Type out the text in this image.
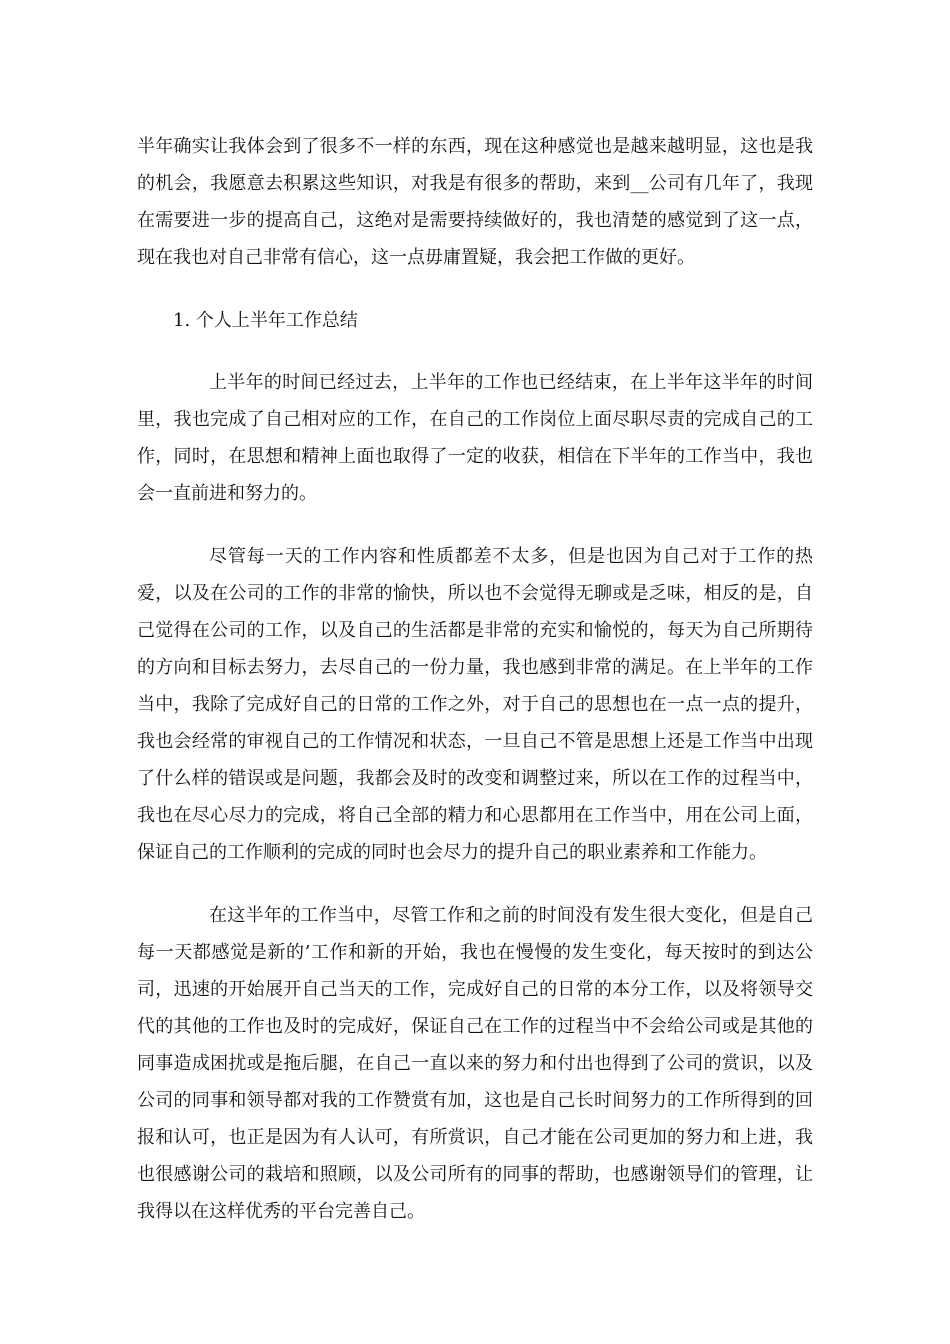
半年确实让我体会到了很多不一样的东西，现在这种感觉也是越来越明显，这也是我的机会，我愿意去积累这些知识，对我是有很多的帮助，来到__公司有几年了，我现在需要进一步的提高自己，这绝对是需要持续做好的，我也清楚的感觉到了这一点，现在我也对自己非常有信心，这一点毋庸置疑，我会把工作做的更好。

1. 个人上半年工作总结

上半年的时间已经过去，上半年的工作也已经结束，在上半年这半年的时间里，我也完成了自己相对应的工作，在自己的工作岗位上面尽职尽责的完成自己的工作，同时，在思想和精神上面也取得了一定的收获，相信在下半年的工作当中，我也会一直前进和努力的。

尽管每一天的工作内容和性质都差不太多，但是也因为自己对于工作的热爱，以及在公司的工作的非常的愉快，所以也不会觉得无聊或是乏味，相反的是，自己觉得在公司的工作，以及自己的生活都是非常的充实和愉悦的，每天为自己所期待的方向和目标去努力，去尽自己的一份力量，我也感到非常的满足。在上半年的工作当中，我除了完成好自己的日常的工作之外，对于自己的思想也在一点一点的提升，我也会经常的审视自己的工作情况和状态，一旦自己不管是思想上还是工作当中出现了什么样的错误或是问题，我都会及时的改变和调整过来，所以在工作的过程当中，我也在尽心尽力的完成，将自己全部的精力和心思都用在工作当中，用在公司上面，保证自己的工作顺利的完成的同时也会尽力的提升自己的职业素养和工作能力。

在这半年的工作当中，尽管工作和之前的时间没有发生很大变化，但是自己每一天都感觉是新的’工作和新的开始，我也在慢慢的发生变化，每天按时的到达公司，迅速的开始展开自己当天的工作，完成好自己的日常的本分工作，以及将领导交代的其他的工作也及时的完成好，保证自己在工作的过程当中不会给公司或是其他的同事造成困扰或是拖后腿，在自己一直以来的努力和付出也得到了公司的赏识，以及公司的同事和领导都对我的工作赞赏有加，这也是自己长时间努力的工作所得到的回报和认可，也正是因为有人认可，有所赏识，自己才能在公司更加的努力和上进，我也很感谢公司的栽培和照顾，以及公司所有的同事的帮助，也感谢领导们的管理，让我得以在这样优秀的平台完善自己。
